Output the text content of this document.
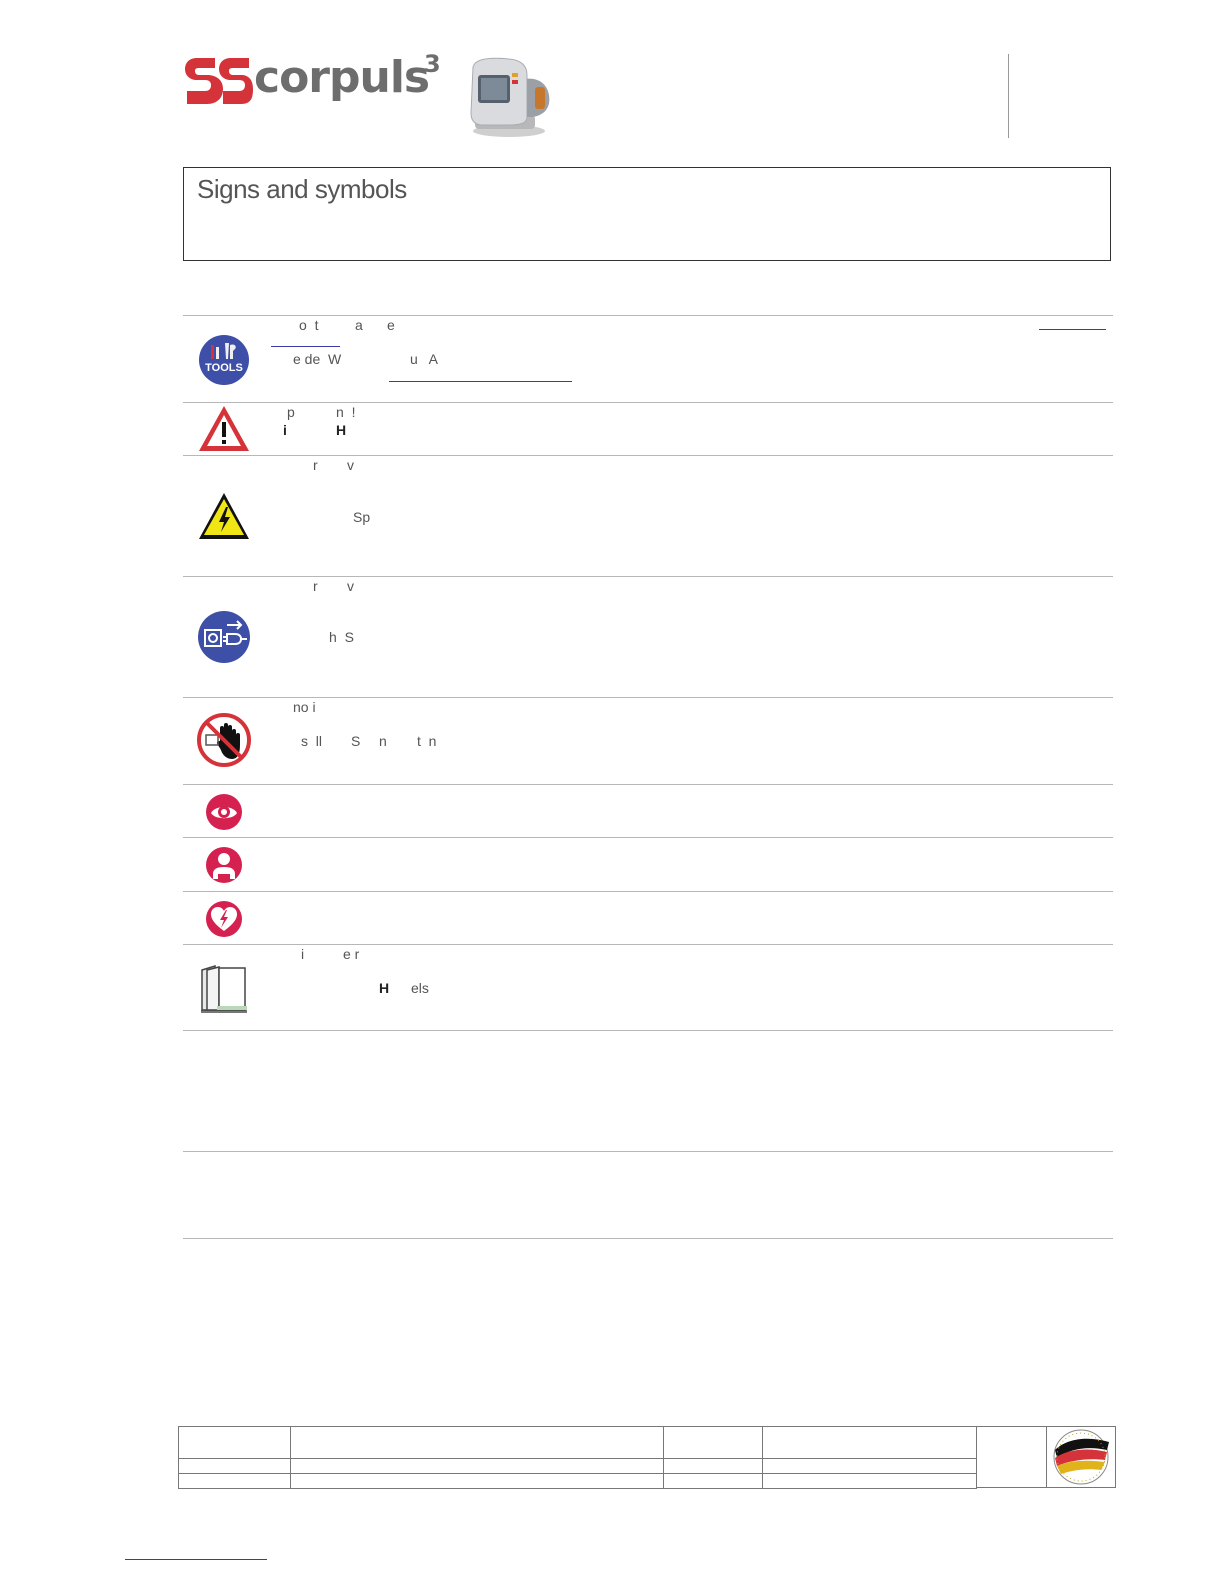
corpuls
3
Signs and symbols
TOOLS
o  t	a e
e de  W	u   A
p	n  !
i	H
r v
Sp
r v
h  S
no i
s  ll S n t  n
i	e r
H els
